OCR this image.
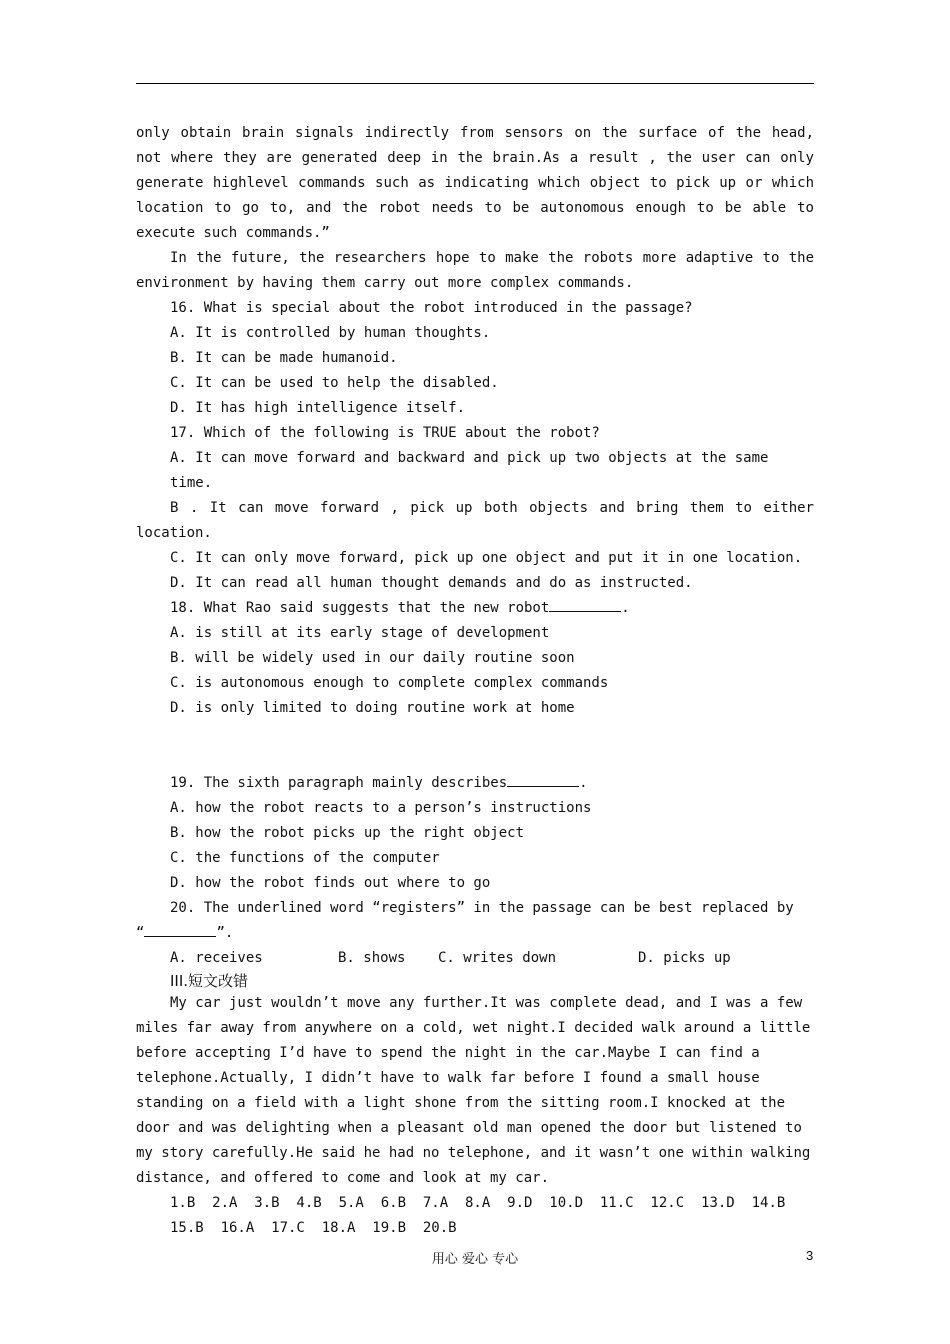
only obtain brain signals indirectly from sensors on the surface of the head, not where they are generated deep in the brain.As a result , the user can only generate highlevel commands such as indicating which object to pick up or which location to go to, and the robot needs to be autonomous enough to be able to execute such commands.”

In the future, the researchers hope to make the robots more adaptive to the environment by having them carry out more complex commands.

16. What is special about the robot introduced in the passage?

A. It is controlled by human thoughts.

B. It can be made humanoid.

C. It can be used to help the disabled.

D. It has high intelligence itself.

17. Which of the following is TRUE about the robot?

A. It can move forward and backward and pick up two objects at the same time.

B . It can move forward , pick up both objects and bring them to either location.

C. It can only move forward, pick up one object and put it in one location.

D. It can read all human thought demands and do as instructed.

18. What Rao said suggests that the new robot	.

A. is still at its early stage of development

B. will be widely used in our daily routine soon

C. is autonomous enough to complete complex commands

D. is only limited to doing routine work at home

19. The sixth paragraph mainly describes	.

A. how the robot reacts to a person’s instructions

B. how the robot picks up the right object

C. the functions of the computer

D. how the robot finds out where to go

20. The underlined word “registers” in the passage can be best replaced by

“	”.

A. receives	B. shows	C. writes down	D. picks up

III.短文改错

My car just wouldn’t move any further.It was complete dead, and I was a few

miles far away from anywhere on a cold, wet night.I decided walk around a little

before accepting I’d have to spend the night in the car.Maybe I can find a

telephone.Actually, I didn’t have to walk far before I found a small house

standing on a field with a light shone from the sitting room.I knocked at the

door and was delighting when a pleasant old man opened the door but listened to

my story carefully.He said he had no telephone, and it wasn’t one within walking

distance, and offered to come and look at my car.

1.B  2.A  3.B  4.B  5.A  6.B  7.A  8.A  9.D  10.D  11.C  12.C  13.D  14.B

15.B  16.A  17.C  18.A  19.B  20.B

用心 爱心 专心	3
